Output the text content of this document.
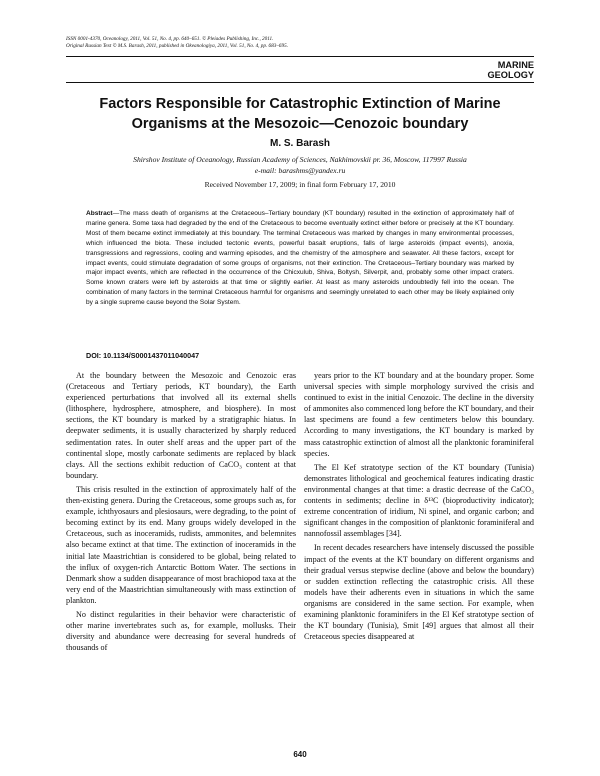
ISSN 0001-4370, Oceanology, 2011, Vol. 51, No. 4, pp. 640–651. © Pleiades Publishing, Inc., 2011.
Original Russian Text © M.S. Barash, 2011, published in Okeanologiya, 2011, Vol. 51, No. 4, pp. 683–695.
MARINE
GEOLOGY
Factors Responsible for Catastrophic Extinction of Marine
Organisms at the Mesozoic—Cenozoic boundary
M. S. Barash
Shirshov Institute of Oceanology, Russian Academy of Sciences, Nakhimovskii pr. 36, Moscow, 117997 Russia
e-mail: barashms@yandex.ru
Received November 17, 2009; in final form February 17, 2010
Abstract—The mass death of organisms at the Cretaceous–Tertiary boundary (KT boundary) resulted in the extinction of approximately half of marine genera. Some taxa had degraded by the end of the Cretaceous to become eventually extinct either before or precisely at the KT boundary. Most of them became extinct immediately at this boundary. The terminal Cretaceous was marked by changes in many environmental processes, which influenced the biota. These included tectonic events, powerful basalt eruptions, falls of large asteroids (impact events), anoxia, transgressions and regressions, cooling and warming episodes, and the chemistry of the atmosphere and seawater. All these factors, except for impact events, could stimulate degradation of some groups of organisms, not their extinction. The Cretaceous–Tertiary boundary was marked by major impact events, which are reflected in the occurrence of the Chicxulub, Shiva, Boltysh, Silverpit, and, probably some other impact craters. Some known craters were left by asteroids at that time or slightly earlier. At least as many asteroids undoubtedly fell into the ocean. The combination of many factors in the terminal Cretaceous harmful for organisms and seemingly unrelated to each other may be likely explained only by a single supreme cause beyond the Solar System.
DOI: 10.1134/S0001437011040047

At the boundary between the Mesozoic and Cenozoic eras (Cretaceous and Tertiary periods, KT boundary), the Earth experienced perturbations that involved all its external shells (lithosphere, hydrosphere, atmosphere, and biosphere). In most sections, the KT boundary is marked by a stratigraphic hiatus. In deepwater sediments, it is usually characterized by sharply reduced sedimentation rates. In outer shelf areas and the upper part of the continental slope, mostly carbonate sediments are replaced by black clays. All the sections exhibit reduction of CaCO₃ content at that boundary.

This crisis resulted in the extinction of approximately half of the then-existing genera. During the Cretaceous, some groups such as, for example, ichthyosaurs and plesiosaurs, were degrading, to the point of becoming extinct by its end. Many groups widely developed in the Cretaceous, such as inoceramids, rudists, ammonites, and belemnites also became extinct at that time. The extinction of inoceramids in the initial late Maastrichtian is considered to be global, being related to the influx of oxygen-rich Antarctic Bottom Water. The sections in Denmark show a sudden disappearance of most brachiopod taxa at the very end of the Maastrichtian simultaneously with mass extinction of plankton.

No distinct regularities in their behavior were characteristic of other marine invertebrates such as, for example, mollusks. Their diversity and abundance were decreasing for several hundreds of thousands of

years prior to the KT boundary and at the boundary proper. Some universal species with simple morphology survived the crisis and continued to exist in the initial Cenozoic. The decline in the diversity of ammonites also commenced long before the KT boundary, and their last specimens are found a few centimeters below this boundary. According to many investigations, the KT boundary is marked by mass catastrophic extinction of almost all the planktonic foraminiferal species.

The El Kef stratotype section of the KT boundary (Tunisia) demonstrates lithological and geochemical features indicating drastic environmental changes at that time: a drastic decrease of the CaCO₃ contents in sediments; decline in δ¹³C (bioproductivity indicator); extreme concentration of iridium, Ni spinel, and organic carbon; and significant changes in the composition of planktonic foraminiferal and nannofossil assemblages [34].

In recent decades researchers have intensely discussed the possible impact of the events at the KT boundary on different organisms and their gradual versus stepwise decline (above and below the boundary) or sudden extinction reflecting the catastrophic crisis. All these models have their adherents even in situations in which the same organisms are considered in the same section. For example, when examining planktonic foraminifers in the El Kef stratotype section of the KT boundary (Tunisia), Smit [49] argues that almost all their Cretaceous species disappeared at

640
